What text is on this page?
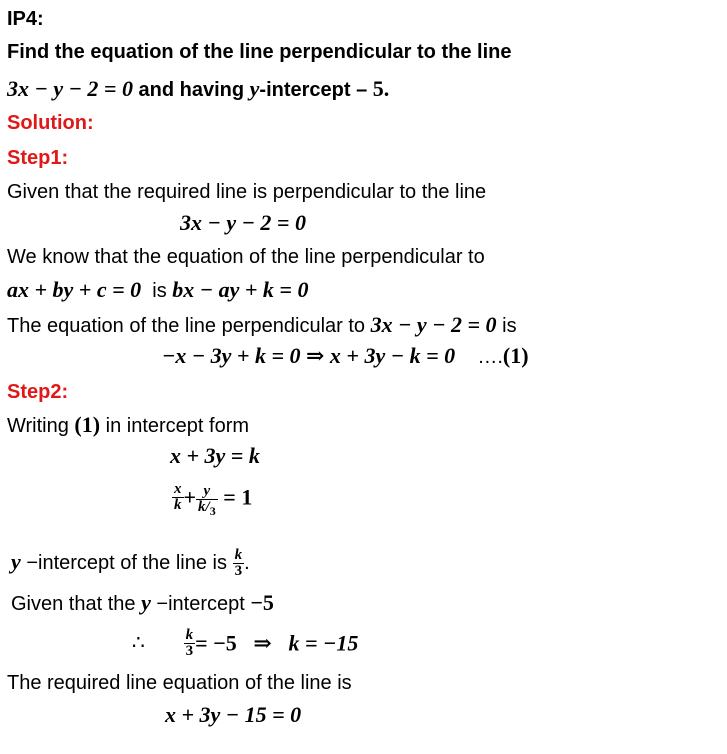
IP4:
Find the equation of the line perpendicular to the line
3x − y − 2 = 0 and having y-intercept – 5.
Solution:
Step1:
Given that the required line is perpendicular to the line
3x − y − 2 = 0
We know that the equation of the line perpendicular to
ax + by + c = 0 is bx − ay + k = 0
The equation of the line perpendicular to 3x − y − 2 = 0 is
−x − 3y + k = 0 ⇒ x + 3y − k = 0 ….(1)
Step2:
Writing (1) in intercept form
x + 3y = k
$\frac{x}{k} + \frac{y}{k/_3} = 1$
y −intercept of the line is $\frac{k}{3}$ .
Given that the y −intercept −5
∴	$\frac{k}{3} = -5$ ⇒ k = −15
The required line equation of the line is
x + 3y − 15 = 0
